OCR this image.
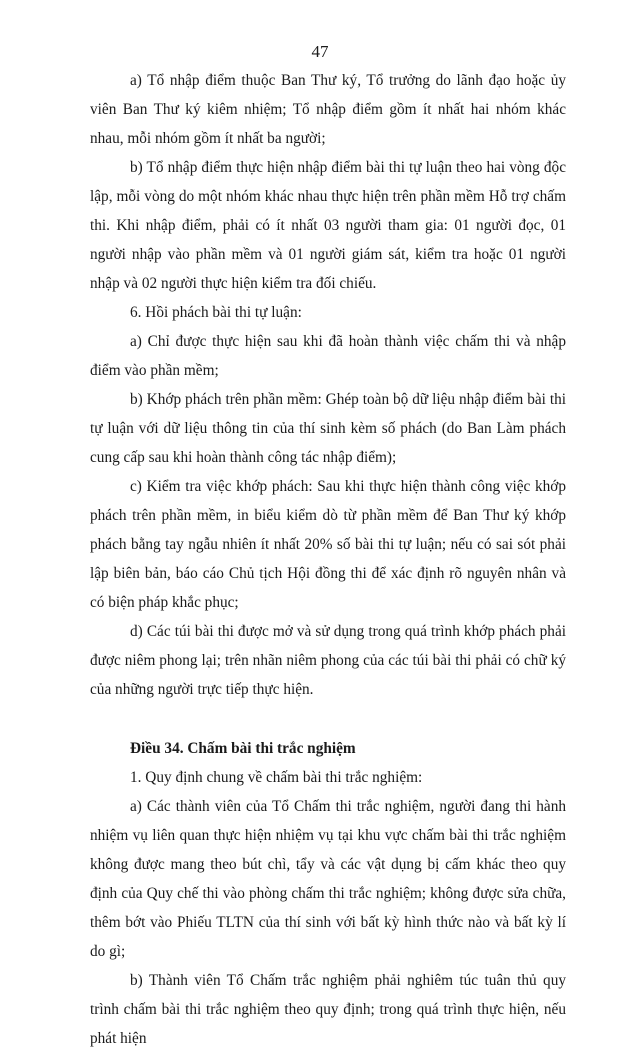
47

a) Tổ nhập điểm thuộc Ban Thư ký, Tổ trưởng do lãnh đạo hoặc ủy viên Ban Thư ký kiêm nhiệm; Tổ nhập điểm gồm ít nhất hai nhóm khác nhau, mỗi nhóm gồm ít nhất ba người;

b) Tổ nhập điểm thực hiện nhập điểm bài thi tự luận theo hai vòng độc lập, mỗi vòng do một nhóm khác nhau thực hiện trên phần mềm Hỗ trợ chấm thi. Khi nhập điểm, phải có ít nhất 03 người tham gia: 01 người đọc, 01 người nhập vào phần mềm và 01 người giám sát, kiểm tra hoặc 01 người nhập và 02 người thực hiện kiểm tra đối chiếu.

6. Hồi phách bài thi tự luận:

a) Chỉ được thực hiện sau khi đã hoàn thành việc chấm thi và nhập điểm vào phần mềm;

b) Khớp phách trên phần mềm: Ghép toàn bộ dữ liệu nhập điểm bài thi tự luận với dữ liệu thông tin của thí sinh kèm số phách (do Ban Làm phách cung cấp sau khi hoàn thành công tác nhập điểm);

c) Kiểm tra việc khớp phách: Sau khi thực hiện thành công việc khớp phách trên phần mềm, in biểu kiểm dò từ phần mềm để Ban Thư ký khớp phách bằng tay ngẫu nhiên ít nhất 20% số bài thi tự luận; nếu có sai sót phải lập biên bản, báo cáo Chủ tịch Hội đồng thi để xác định rõ nguyên nhân và có biện pháp khắc phục;

d) Các túi bài thi được mở và sử dụng trong quá trình khớp phách phải được niêm phong lại; trên nhãn niêm phong của các túi bài thi phải có chữ ký của những người trực tiếp thực hiện.

Điều 34. Chấm bài thi trắc nghiệm

1. Quy định chung về chấm bài thi trắc nghiệm:

a) Các thành viên của Tổ Chấm thi trắc nghiệm, người đang thi hành nhiệm vụ liên quan thực hiện nhiệm vụ tại khu vực chấm bài thi trắc nghiệm không được mang theo bút chì, tẩy và các vật dụng bị cấm khác theo quy định của Quy chế thi vào phòng chấm thi trắc nghiệm; không được sửa chữa, thêm bớt vào Phiếu TLTN của thí sinh với bất kỳ hình thức nào và bất kỳ lí do gì;

b) Thành viên Tổ Chấm trắc nghiệm phải nghiêm túc tuân thủ quy trình chấm bài thi trắc nghiệm theo quy định; trong quá trình thực hiện, nếu phát hiện
